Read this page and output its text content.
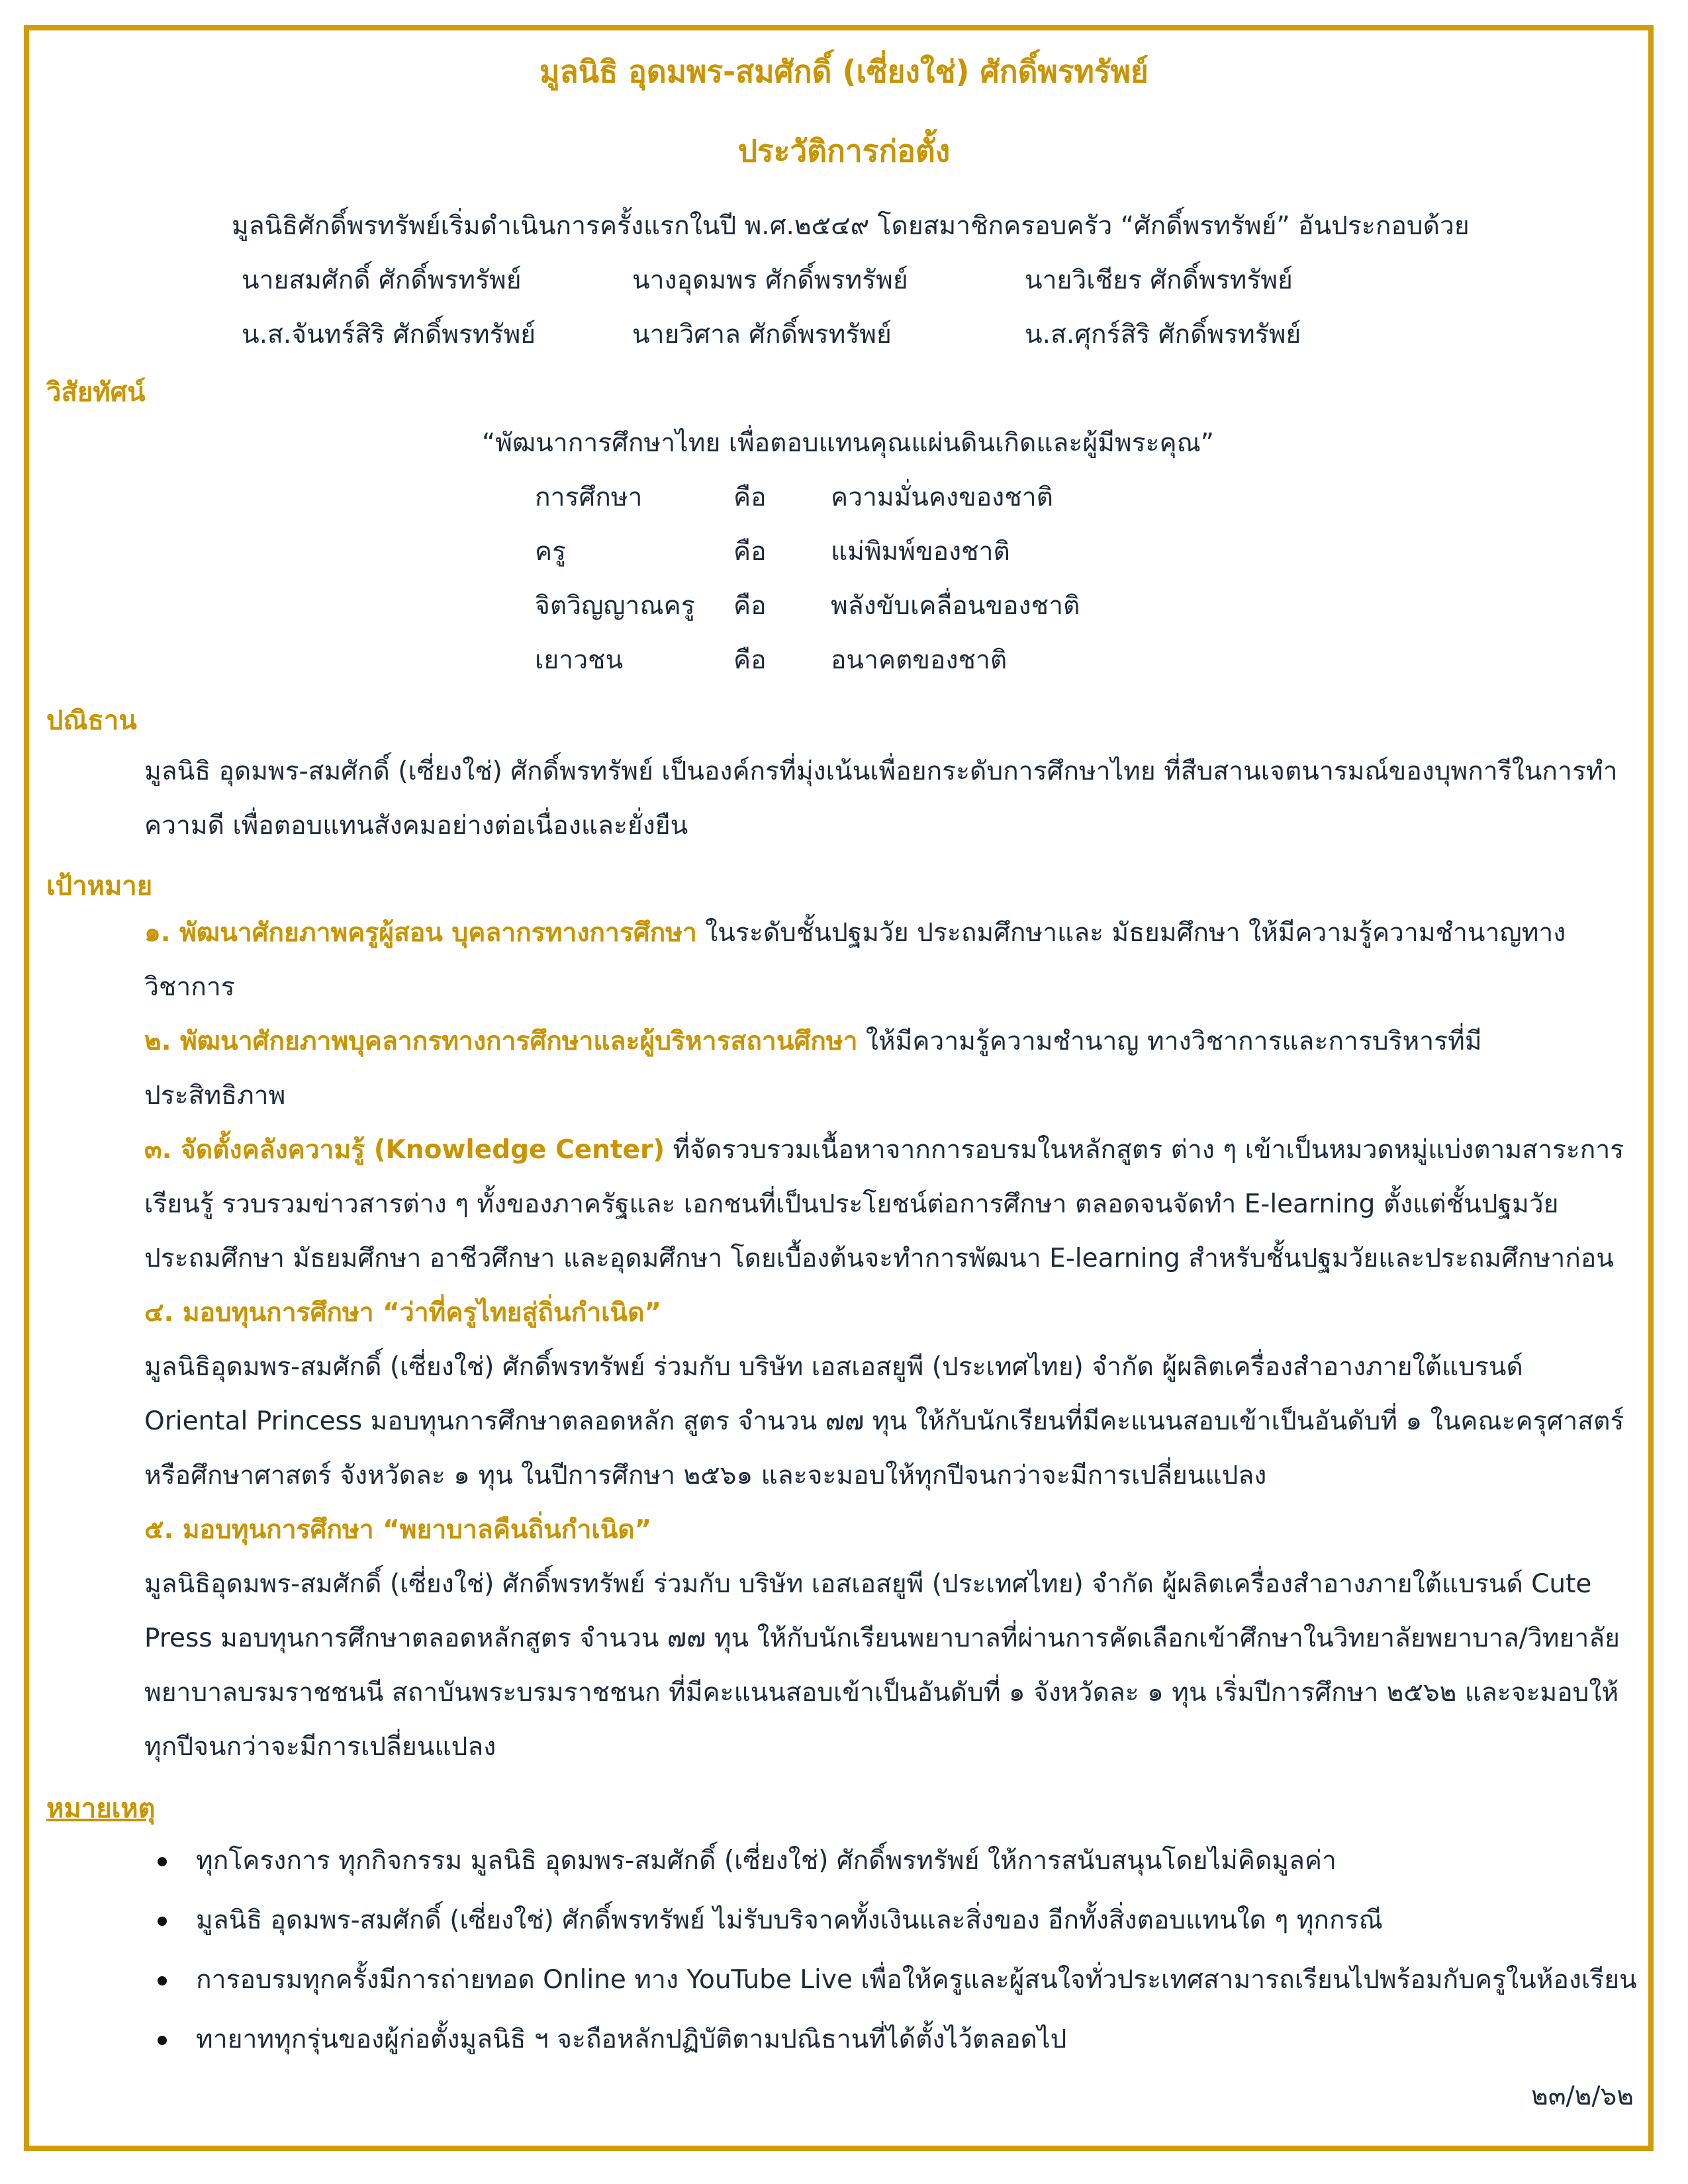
มูลนิธิ อุดมพร-สมศักดิ์ (เซี่ยงใช่) ศักดิ์พรทรัพย์
ประวัติการก่อตั้ง
มูลนิธิศักดิ์พรทรัพย์เริ่มดำเนินการครั้งแรกในปี พ.ศ.๒๕๔๙ โดยสมาชิกครอบครัว “ศักดิ์พรทรัพย์” อันประกอบด้วย
นายสมศักดิ์ ศักดิ์พรทรัพย์	นางอุดมพร ศักดิ์พรทรัพย์	นายวิเชียร ศักดิ์พรทรัพย์
น.ส.จันทร์สิริ ศักดิ์พรทรัพย์	นายวิศาล ศักดิ์พรทรัพย์	น.ส.ศุกร์สิริ ศักดิ์พรทรัพย์
วิสัยทัศน์
“พัฒนาการศึกษาไทย เพื่อตอบแทนคุณแผ่นดินเกิดและผู้มีพระคุณ”
การศึกษา	คือ ความมั่นคงของชาติ
ครู	คือ แม่พิมพ์ของชาติ
จิตวิญญาณครู คือ พลังขับเคลื่อนของชาติ
เยาวชน	คือ อนาคตของชาติ
ปณิธาน
มูลนิธิ อุดมพร-สมศักดิ์ (เซี่ยงใช่) ศักดิ์พรทรัพย์ เป็นองค์กรที่มุ่งเน้นเพื่อยกระดับการศึกษาไทย ที่สืบสานเจตนารมณ์ของบุพการีในการทำ
ความดี เพื่อตอบแทนสังคมอย่างต่อเนื่องและยั่งยืน
เป้าหมาย
๑. พัฒนาศักยภาพครูผู้สอน บุคลากรทางการศึกษา ในระดับชั้นปฐมวัย ประถมศึกษาและ มัธยมศึกษา ให้มีความรู้ความชำนาญทาง
วิชาการ
๒. พัฒนาศักยภาพบุคลากรทางการศึกษาและผู้บริหารสถานศึกษา ให้มีความรู้ความชำนาญ ทางวิชาการและการบริหารที่มี
ประสิทธิภาพ
๓. จัดตั้งคลังความรู้ (Knowledge Center) ที่จัดรวบรวมเนื้อหาจากการอบรมในหลักสูตร ต่าง ๆ เข้าเป็นหมวดหมู่แบ่งตามสาระการ
เรียนรู้ รวบรวมข่าวสารต่าง ๆ ทั้งของภาครัฐและ เอกชนที่เป็นประโยชน์ต่อการศึกษา ตลอดจนจัดทำ E-learning ตั้งแต่ชั้นปฐมวัย
ประถมศึกษา มัธยมศึกษา อาชีวศึกษา และอุดมศึกษา โดยเบื้องต้นจะทำการพัฒนา E-learning สำหรับชั้นปฐมวัยและประถมศึกษาก่อน
๔. มอบทุนการศึกษา “ว่าที่ครูไทยสู่ถิ่นกำเนิด”
มูลนิธิอุดมพร-สมศักดิ์ (เซี่ยงใช่) ศักดิ์พรทรัพย์ ร่วมกับ บริษัท เอสเอสยูพี (ประเทศไทย) จำกัด ผู้ผลิตเครื่องสำอางภายใต้แบรนด์
Oriental Princess มอบทุนการศึกษาตลอดหลัก สูตร จำนวน ๗๗ ทุน ให้กับนักเรียนที่มีคะแนนสอบเข้าเป็นอันดับที่ ๑ ในคณะครุศาสตร์
หรือศึกษาศาสตร์ จังหวัดละ ๑ ทุน ในปีการศึกษา ๒๕๖๑ และจะมอบให้ทุกปีจนกว่าจะมีการเปลี่ยนแปลง
๕. มอบทุนการศึกษา “พยาบาลคืนถิ่นกำเนิด”
มูลนิธิอุดมพร-สมศักดิ์ (เซี่ยงใช่) ศักดิ์พรทรัพย์ ร่วมกับ บริษัท เอสเอสยูพี (ประเทศไทย) จำกัด ผู้ผลิตเครื่องสำอางภายใต้แบรนด์ Cute
Press มอบทุนการศึกษาตลอดหลักสูตร จำนวน ๗๗ ทุน ให้กับนักเรียนพยาบาลที่ผ่านการคัดเลือกเข้าศึกษาในวิทยาลัยพยาบาล/วิทยาลัย
พยาบาลบรมราชชนนี สถาบันพระบรมราชชนก ที่มีคะแนนสอบเข้าเป็นอันดับที่ ๑ จังหวัดละ ๑ ทุน เริ่มปีการศึกษา ๒๕๖๒ และจะมอบให้
ทุกปีจนกว่าจะมีการเปลี่ยนแปลง
หมายเหตุ
ทุกโครงการ ทุกกิจกรรม มูลนิธิ อุดมพร-สมศักดิ์ (เซี่ยงใช่) ศักดิ์พรทรัพย์ ให้การสนับสนุนโดยไม่คิดมูลค่า
มูลนิธิ อุดมพร-สมศักดิ์ (เซี่ยงใช่) ศักดิ์พรทรัพย์ ไม่รับบริจาคทั้งเงินและสิ่งของ อีกทั้งสิ่งตอบแทนใด ๆ ทุกกรณี
การอบรมทุกครั้งมีการถ่ายทอด Online ทาง YouTube Live เพื่อให้ครูและผู้สนใจทั่วประเทศสามารถเรียนไปพร้อมกับครูในห้องเรียน
ทายาททุกรุ่นของผู้ก่อตั้งมูลนิธิ ฯ จะถือหลักปฏิบัติตามปณิธานที่ได้ตั้งไว้ตลอดไป
๒๓/๒/๖๒
